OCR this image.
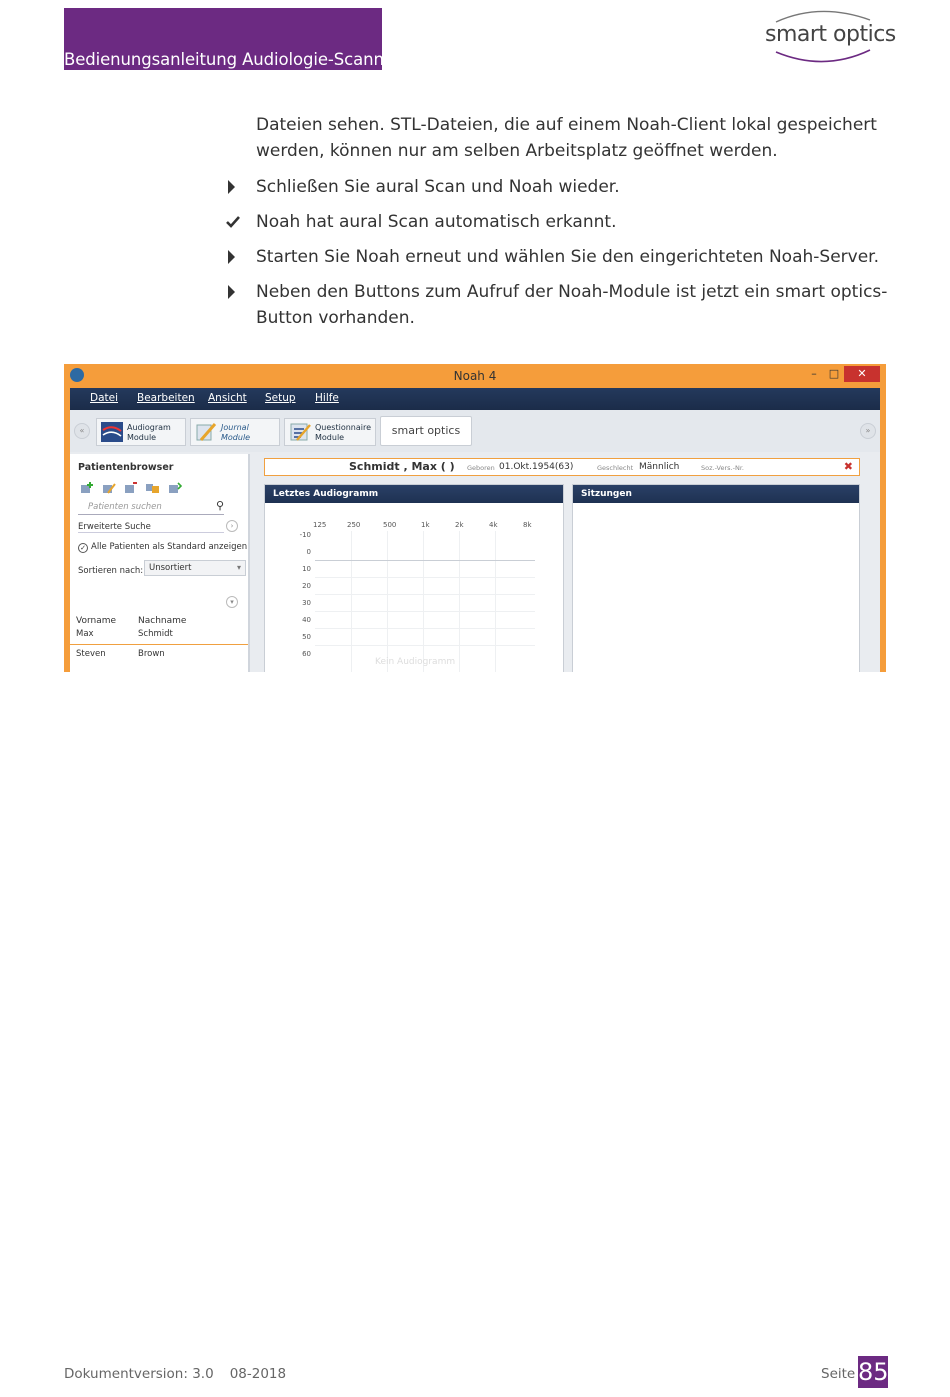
Bedienungsanleitung Audiologie-Scanner
smart optics

Dateien sehen. STL-Dateien, die auf einem Noah-Client lokal gespeichert werden, können nur am selben Arbeitsplatz geöffnet werden.

Schließen Sie aural Scan und Noah wieder.
Noah hat aural Scan automatisch erkannt.
Starten Sie Noah erneut und wählen Sie den eingerichteten Noah-Server.
Neben den Buttons zum Aufruf der Noah-Module ist jetzt ein smart optics-Button vorhanden.
Noah 4	–	□	✕
Datei Bearbeiten Ansicht Setup Hilfe
«	Audiogram
Module
Journal
Module
Questionnaire
Module
smart optics	»
Patientenbrowser
Patienten suchen	⚲
Erweiterte Suche	›
✓ Alle Patienten als Standard anzeigen
Sortieren nach: Unsortiert	▾
▾
Vorname Nachname
Max	Schmidt
Steven	Brown
Schmidt , Max ( ) Geboren 01.Okt.1954(63)	Geschlecht Männlich	Soz.-Vers.-Nr.	✖
Letztes Audiogramm
125	250	500	1k	2k	4k	8k
-10
0
10
20
30
40
50
60
Kein Audiogramm
Sitzungen
Dokumentversion: 3.0 08-2018	Seite 85
